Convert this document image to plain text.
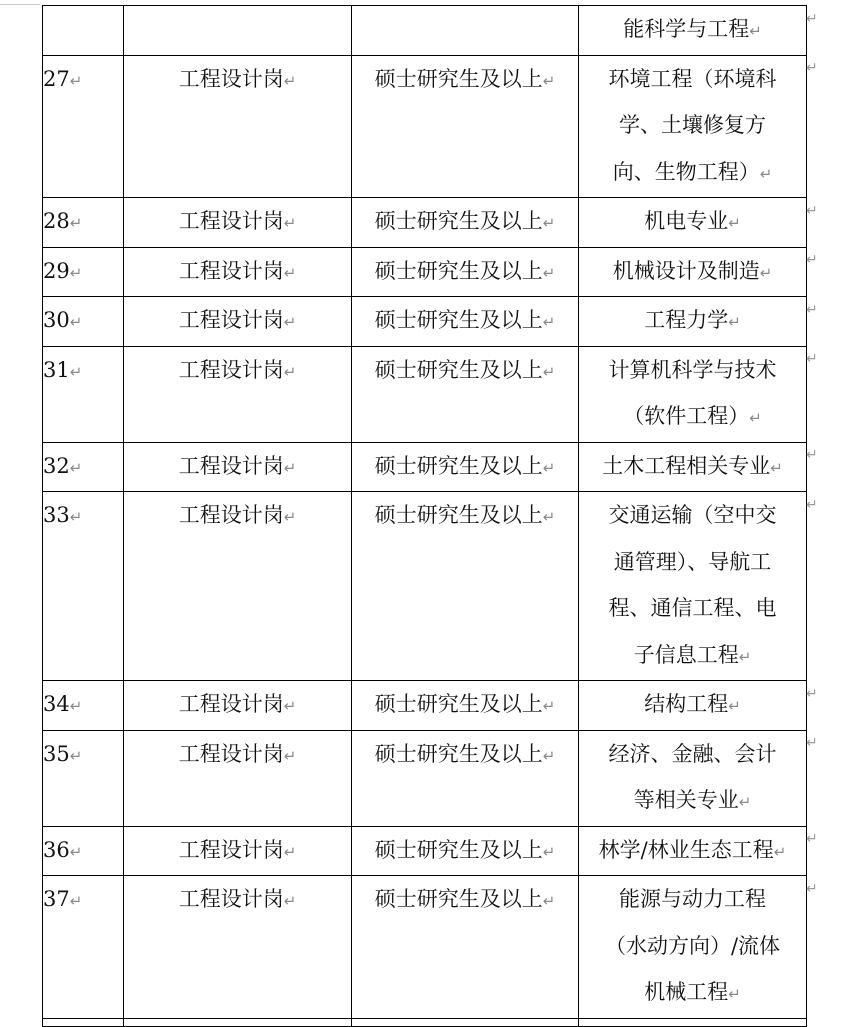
			能科学与工程↵

27↵	工程设计岗↵	硕士研究生及以上↵	环境工程（环境科
学、土壤修复方
向、生物工程）↵

28↵	工程设计岗↵	硕士研究生及以上↵	机电专业↵

29↵	工程设计岗↵	硕士研究生及以上↵	机械设计及制造↵

30↵	工程设计岗↵	硕士研究生及以上↵	工程力学↵

31↵	工程设计岗↵	硕士研究生及以上↵	计算机科学与技术
（软件工程）↵

32↵	工程设计岗↵	硕士研究生及以上↵	土木工程相关专业↵

33↵	工程设计岗↵	硕士研究生及以上↵	交通运输（空中交
通管理）、导航工
程、通信工程、电
子信息工程↵

34↵	工程设计岗↵	硕士研究生及以上↵	结构工程↵

35↵	工程设计岗↵	硕士研究生及以上↵	经济、金融、会计
等相关专业↵

36↵	工程设计岗↵	硕士研究生及以上↵	林学/林业生态工程↵

37↵	工程设计岗↵	硕士研究生及以上↵	能源与动力工程
（水动方向）/流体
机械工程↵

↵
↵
↵
↵
↵
↵
↵
↵
↵
↵
↵
↵
